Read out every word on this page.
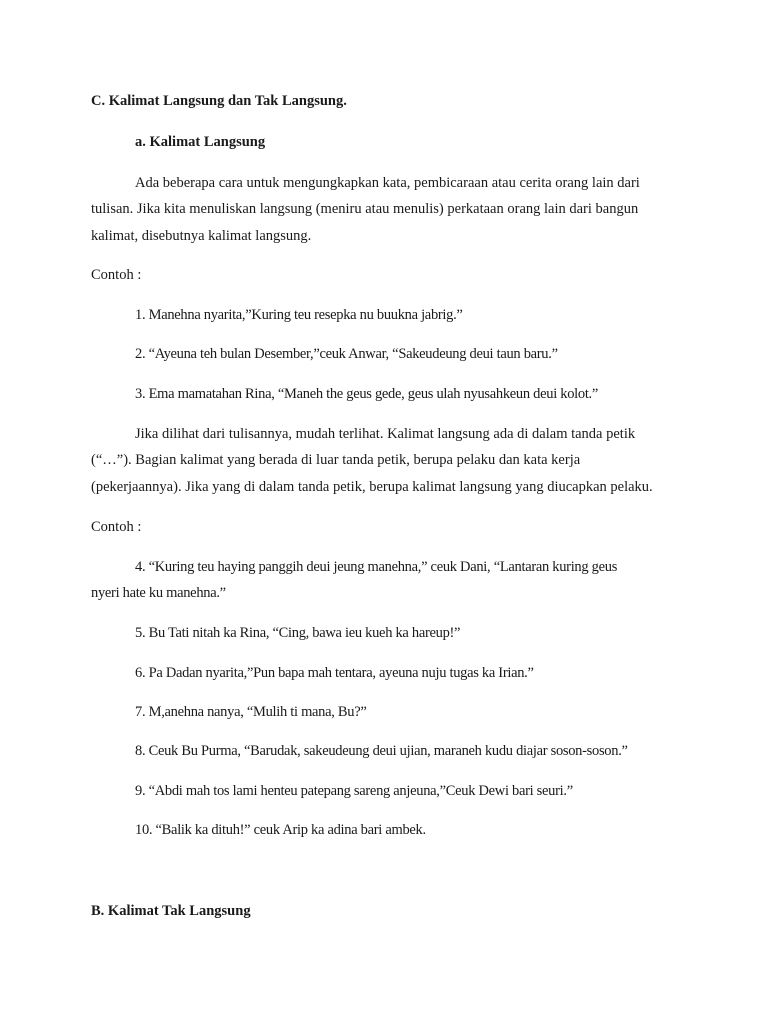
C. Kalimat Langsung dan Tak Langsung.
a. Kalimat Langsung
Ada beberapa cara untuk mengungkapkan kata, pembicaraan atau cerita orang lain dari
tulisan. Jika kita menuliskan langsung (meniru atau menulis) perkataan orang lain dari bangun
kalimat, disebutnya kalimat langsung.
Contoh :
1. Manehna nyarita,”Kuring teu resepka nu buukna jabrig.”
2. “Ayeuna teh bulan Desember,”ceuk Anwar, “Sakeudeung deui taun baru.”
3. Ema mamatahan Rina, “Maneh the geus gede, geus ulah nyusahkeun deui kolot.”
Jika dilihat dari tulisannya, mudah terlihat. Kalimat langsung ada di dalam tanda petik
(“…”). Bagian kalimat yang berada di luar tanda petik, berupa pelaku dan kata kerja
(pekerjaannya). Jika yang di dalam tanda petik, berupa kalimat langsung yang diucapkan pelaku.
Contoh :
4. “Kuring teu haying panggih deui jeung manehna,” ceuk Dani, “Lantaran kuring geus
nyeri hate ku manehna.”
5. Bu Tati nitah ka Rina, “Cing, bawa ieu kueh ka hareup!”
6. Pa Dadan nyarita,”Pun bapa mah tentara, ayeuna nuju tugas ka Irian.”
7. M,anehna nanya, “Mulih ti mana, Bu?”
8. Ceuk Bu Purma, “Barudak, sakeudeung deui ujian, maraneh kudu diajar soson-soson.”
9. “Abdi mah tos lami henteu patepang sareng anjeuna,”Ceuk Dewi bari seuri.”
10. “Balik ka dituh!” ceuk Arip ka adina bari ambek.
B. Kalimat Tak Langsung
